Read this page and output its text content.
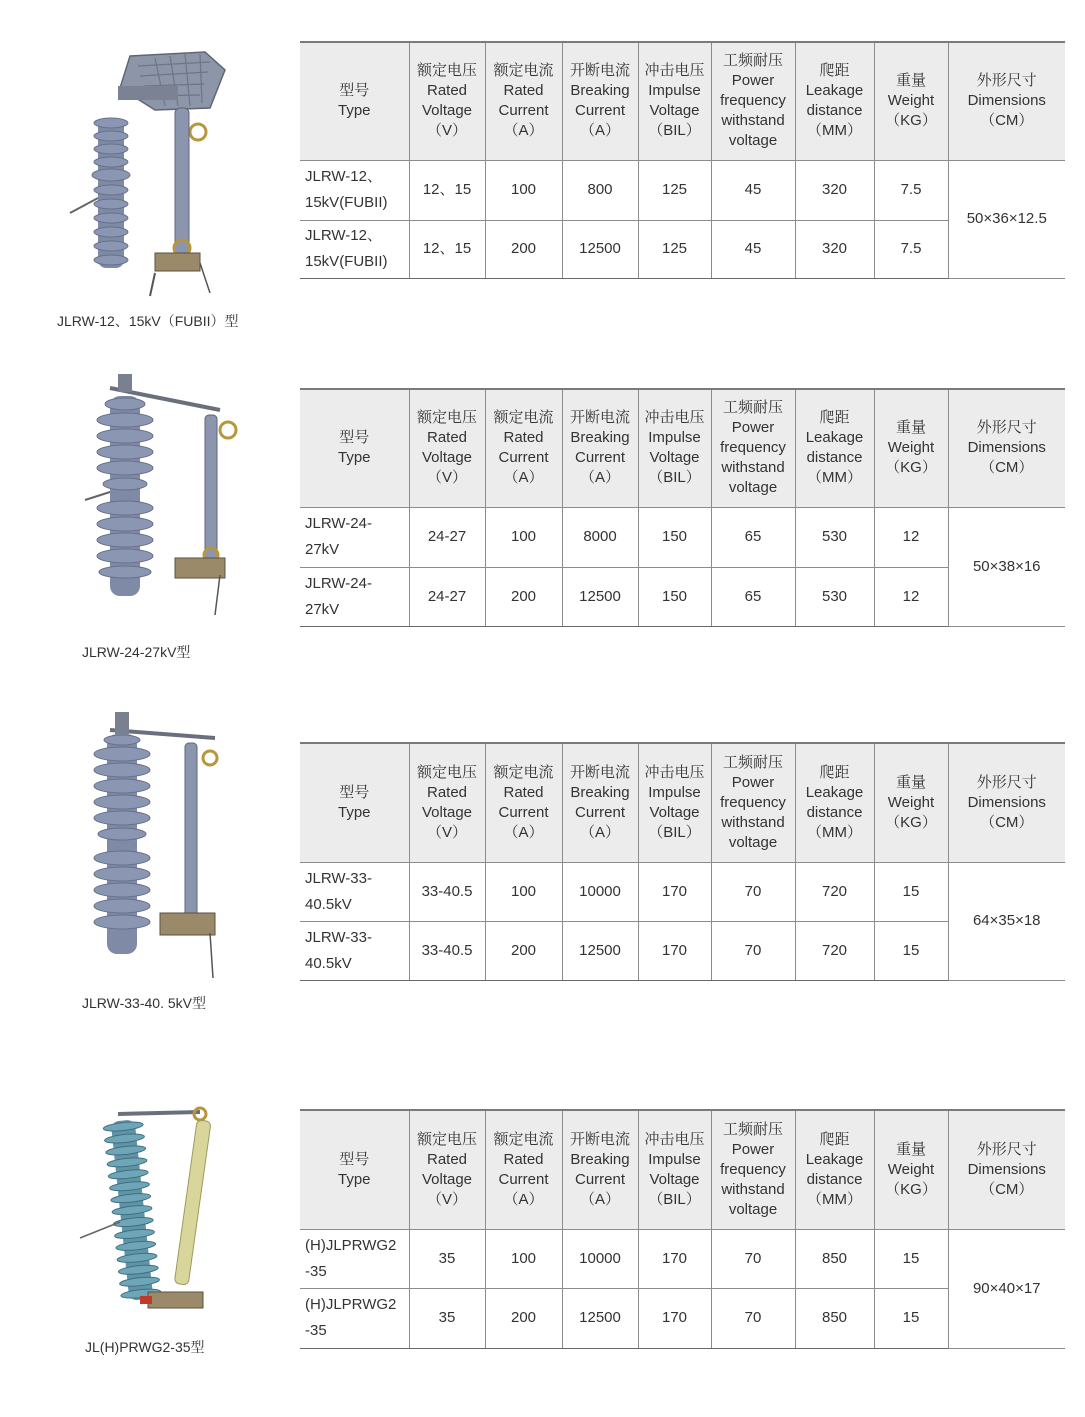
JLRW-12、15kV（FUBII）型
型号
Type	额定电压
Rated
Voltage
（V）	额定电流
Rated
Current
（A）	开断电流
Breaking
Current
（A）	冲击电压
Impulse
Voltage
（BIL）	工频耐压
Power
frequency
withstand
voltage	爬距
Leakage
distance
（MM）	重量
Weight
（KG）	外形尺寸
Dimensions
（CM）

JLRW-12、
15kV(FUBII)	12、15	100	800	125	45	320	7.5	50×36×12.5

JLRW-12、
15kV(FUBII)	12、15	200	12500	125	45	320	7.5	
JLRW-24-27kV型
型号
Type	额定电压
Rated
Voltage
（V）	额定电流
Rated
Current
（A）	开断电流
Breaking
Current
（A）	冲击电压
Impulse
Voltage
（BIL）	工频耐压
Power
frequency
withstand
voltage	爬距
Leakage
distance
（MM）	重量
Weight
（KG）	外形尺寸
Dimensions
（CM）

JLRW-24-
27kV	24-27	100	8000	150	65	530	12	50×38×16

JLRW-24-
27kV	24-27	200	12500	150	65	530	12	
JLRW-33-40. 5kV型
型号
Type	额定电压
Rated
Voltage
（V）	额定电流
Rated
Current
（A）	开断电流
Breaking
Current
（A）	冲击电压
Impulse
Voltage
（BIL）	工频耐压
Power
frequency
withstand
voltage	爬距
Leakage
distance
（MM）	重量
Weight
（KG）	外形尺寸
Dimensions
（CM）

JLRW-33-
40.5kV	33-40.5	100	10000	170	70	720	15	64×35×18

JLRW-33-
40.5kV	33-40.5	200	12500	170	70	720	15	
JL(H)PRWG2-35型
型号
Type	额定电压
Rated
Voltage
（V）	额定电流
Rated
Current
（A）	开断电流
Breaking
Current
（A）	冲击电压
Impulse
Voltage
（BIL）	工频耐压
Power
frequency
withstand
voltage	爬距
Leakage
distance
（MM）	重量
Weight
（KG）	外形尺寸
Dimensions
（CM）

(H)JLPRWG2
-35	35	100	10000	170	70	850	15	90×40×17

(H)JLPRWG2
-35	35	200	12500	170	70	850	15	
